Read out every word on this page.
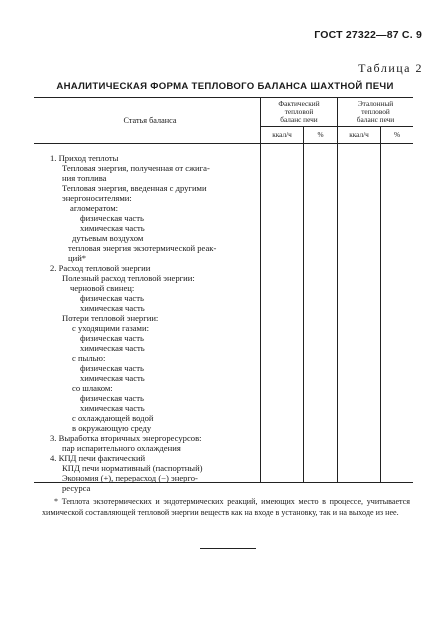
ГОСТ 27322—87 С. 9
Таблица 2
АНАЛИТИЧЕСКАЯ ФОРМА ТЕПЛОВОГО БАЛАНСА ШАХТНОЙ ПЕЧИ
Статья баланса
Фактический
тепловой
баланс печи
Эталонный
тепловой
баланс печи
ккал/ч	%	ккал/ч	%
1. Приход теплоты
Тепловая энергия, полученная от сжига-
ния топлива
Тепловая энергия, введенная с другими
энергоносителями:
агломератом:
физическая часть
химическая часть
дутьевым воздухом
тепловая энергия экзотермической реак-
ций*
2. Расход тепловой энергии
Полезный расход тепловой энергии:
черновой свинец:
физическая часть
химическая часть
Потери тепловой энергии:
с уходящими газами:
физическая часть
химическая часть
с пылью:
физическая часть
химическая часть
со шлаком:
физическая часть
химическая часть
с охлаждающей водой
в окружающую среду
3. Выработка вторичных энергоресурсов:
пар испарительного охлаждения
4. КПД печи фактический
КПД печи нормативный (паспортный)
Экономия (+), перерасход (−) энерго-
ресурса
* Теплота экзотермических и эндотермических реакций, имеющих место в процессе, учитывается химической составляющей тепловой энергии веществ как на входе в установку, так и на выходе из нее.
